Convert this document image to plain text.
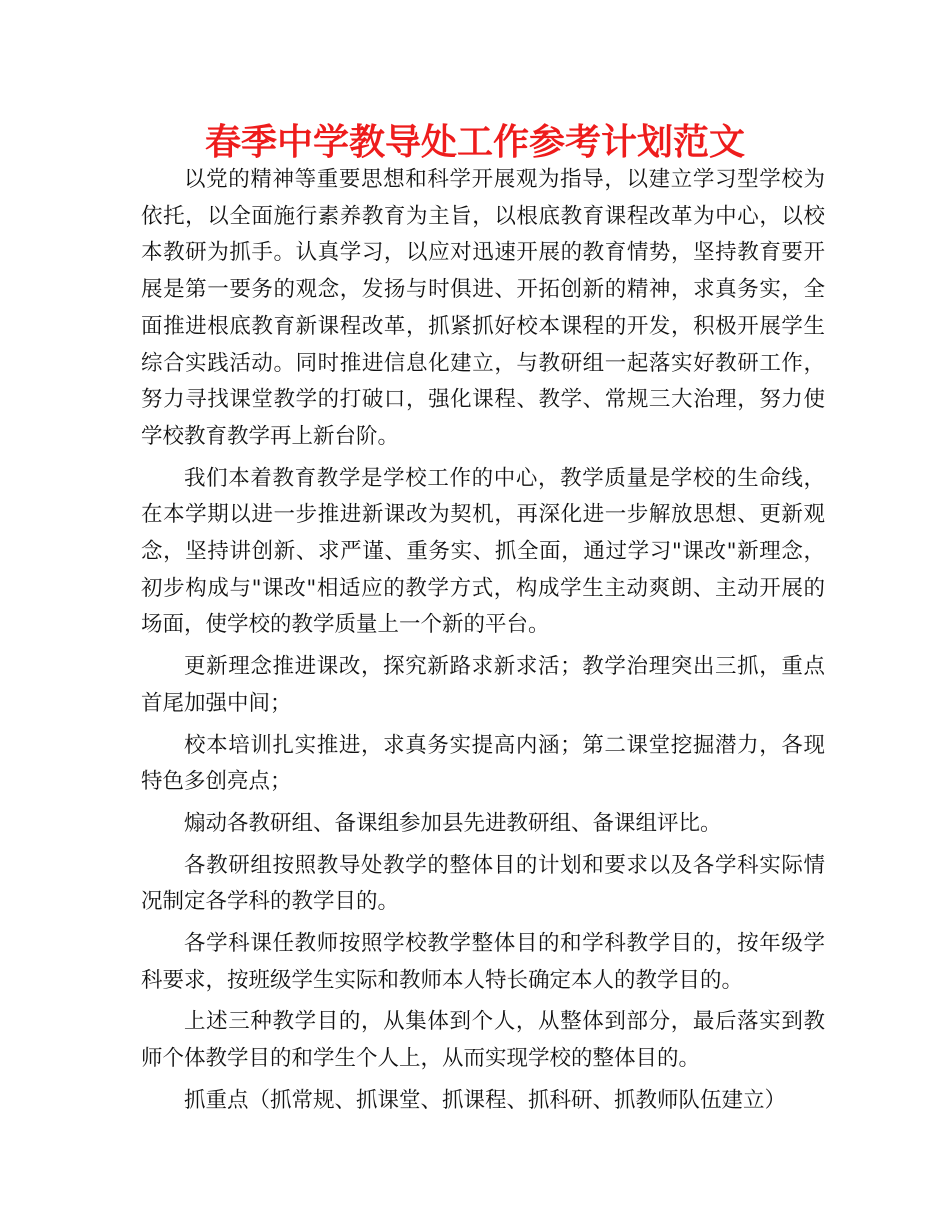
春季中学教导处工作参考计划范文

以党的精神等重要思想和科学开展观为指导，以建立学习型学校为依托，以全面施行素养教育为主旨，以根底教育课程改革为中心，以校本教研为抓手。认真学习，以应对迅速开展的教育情势，坚持教育要开展是第一要务的观念，发扬与时俱进、开拓创新的精神，求真务实，全面推进根底教育新课程改革，抓紧抓好校本课程的开发，积极开展学生综合实践活动。同时推进信息化建立，与教研组一起落实好教研工作，努力寻找课堂教学的打破口，强化课程、教学、常规三大治理，努力使学校教育教学再上新台阶。

我们本着教育教学是学校工作的中心，教学质量是学校的生命线，在本学期以进一步推进新课改为契机，再深化进一步解放思想、更新观念，坚持讲创新、求严谨、重务实、抓全面，通过学习"课改"新理念，初步构成与"课改"相适应的教学方式，构成学生主动爽朗、主动开展的场面，使学校的教学质量上一个新的平台。

更新理念推进课改，探究新路求新求活；教学治理突出三抓，重点首尾加强中间；

校本培训扎实推进，求真务实提高内涵；第二课堂挖掘潜力，各现特色多创亮点；

煽动各教研组、备课组参加县先进教研组、备课组评比。

各教研组按照教导处教学的整体目的计划和要求以及各学科实际情况制定各学科的教学目的。

各学科课任教师按照学校教学整体目的和学科教学目的，按年级学科要求，按班级学生实际和教师本人特长确定本人的教学目的。

上述三种教学目的，从集体到个人，从整体到部分，最后落实到教师个体教学目的和学生个人上，从而实现学校的整体目的。

抓重点（抓常规、抓课堂、抓课程、抓科研、抓教师队伍建立）
